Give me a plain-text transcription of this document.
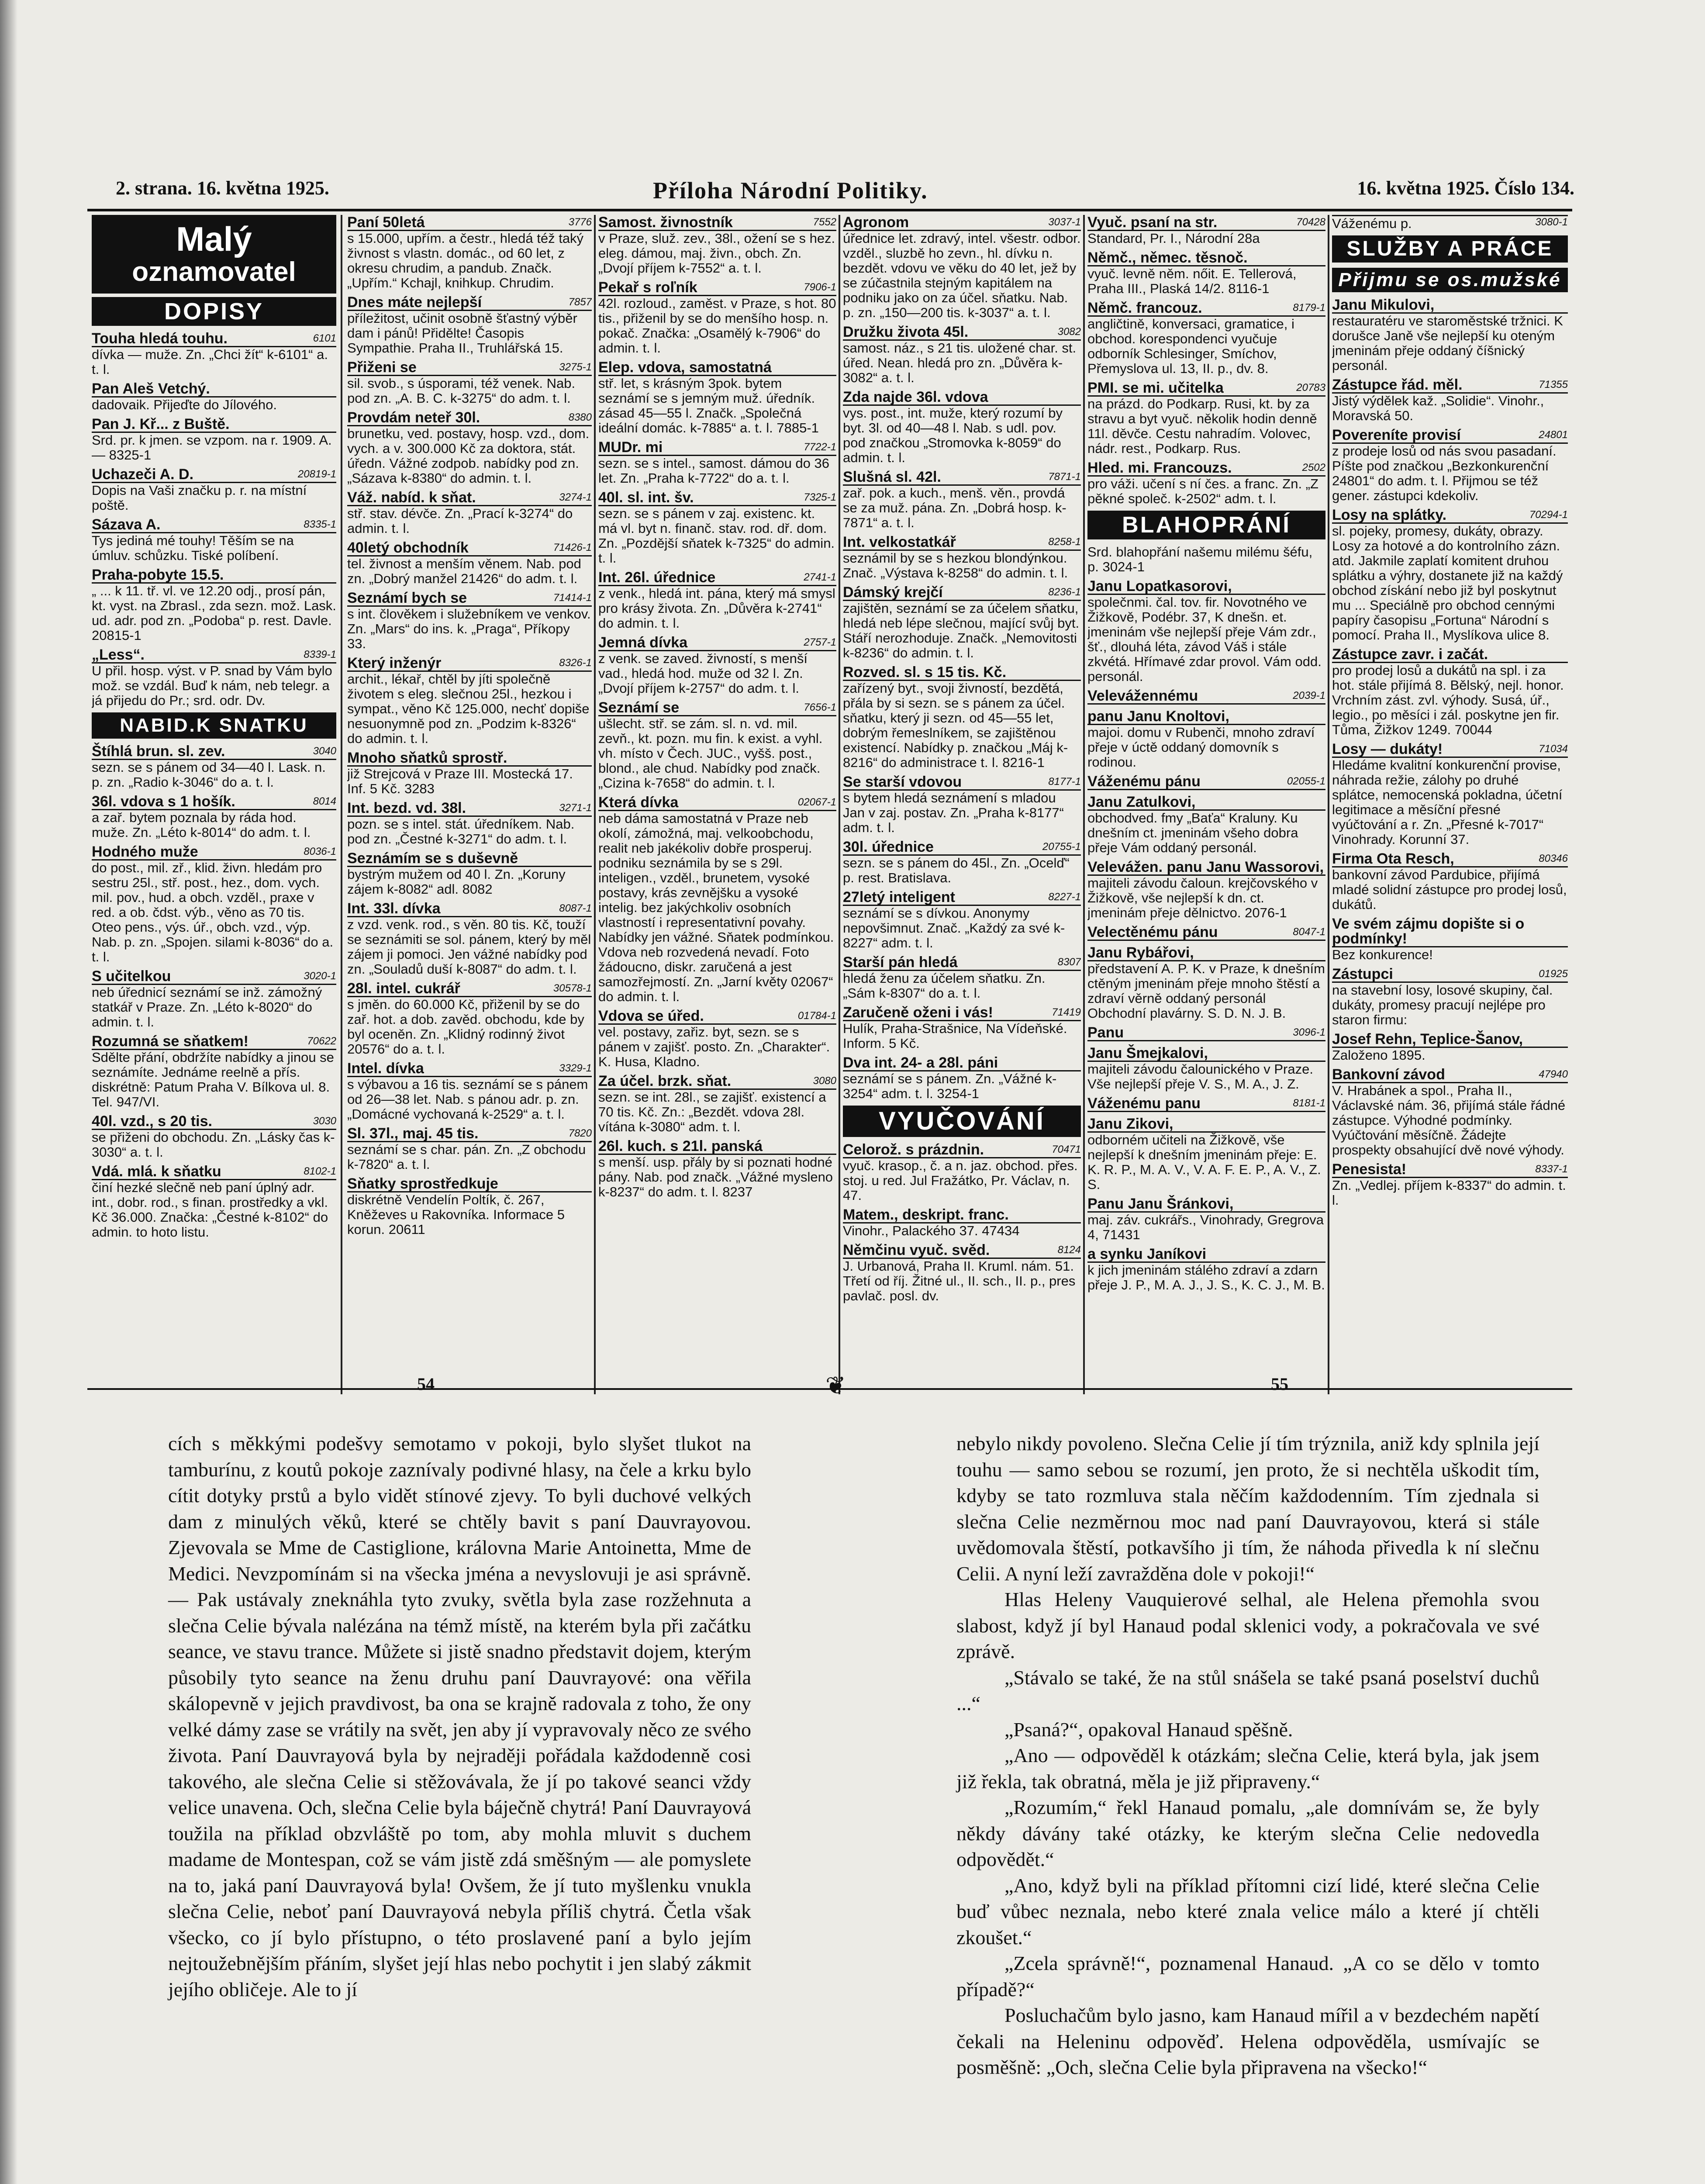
2. strana. 16. května 1925.	Příloha Národní Politiky.	16. května 1925. Číslo 134.
Malý
oznamovatel
DOPISY
6101
Touha hledá touhu.
dívka — muže. Zn. „Chci žít“ k-6101“ a. t. l.
Pan Aleš Vetchý.
dadovaik. Přijeďte do Jílového.
Pan J. Kř... z Buště.
Srd. pr. k jmen. se vzpom. na r. 1909. A.— 8325-1
20819-1
Uchazeči A. D.
Dopis na Vaši značku p. r. na místní poště.
8335-1
Sázava A.
Tys jediná mé touhy! Těším se na úmluv. schůzku. Tiské políbení.
Praha-pobyte 15.5.
„ ... k 11. tř. vl. ve 12.20 odj., prosí pán, kt. vyst. na Zbrasl., zda sezn. mož. Lask. ud. adr. pod zn. „Podoba“ p. rest. Davle. 20815-1
8339-1
„Less“.
U přil. hosp. výst. v P. snad by Vám bylo mož. se vzdál. Buď k nám, neb telegr. a já přijedu do Pr.; srd. odr. Dv.
NABID.K SNATKU
3040
Štíhlá brun. sl. zev.
sezn. se s pánem od 34—40 l. Lask. n. p. zn. „Radio k-3046“ do a. t. l.
8014
36l. vdova s 1 hošík.
a zař. bytem poznala by ráda hod. muže. Zn. „Léto k-8014“ do adm. t. l.
8036-1
Hodného muže
do post., mil. zř., klid. živn. hledám pro sestru 25l., stř. post., hez., dom. vych. mil. pov., hud. a obch. vzděl., praxe v red. a ob. čdst. výb., věno as 70 tis. Oteo pens., výs. úř., obch. vzd., výp. Nab. p. zn. „Spojen. silami k-8036“ do a. t. l.
3020-1
S učitelkou
neb úřednicí seznámí se inž. zámožný statkář v Praze. Zn. „Léto k-8020“ do admin. t. l.
70622
Rozumná se sňatkem!
Sdělte přání, obdržíte nabídky a jinou se seznámíte. Jednáme reelně a přís. diskrétně: Patum Praha V. Bílkova ul. 8. Tel. 947/VI.
3030
40l. vzd., s 20 tis.
se přiženi do obchodu. Zn. „Lásky čas k-3030“ a. t. l.
8102-1
Vdá. mlá. k sňatku
činí hezké slečně neb paní úplný adr. int., dobr. rod., s finan. prostředky a vkl. Kč 36.000. Značka: „Čestné k-8102“ do admin. to hoto listu.
3776
Paní 50letá
s 15.000, upřím. a čestr., hledá též taký živnost s vlastn. domác., od 60 let, z okresu chrudim, a pandub. Značk. „Upřím.“ Kchajl, knihkup. Chrudim.
7857
Dnes máte nejlepší
příležitost, učinit osobně šťastný výběr dam i pánů! Přidělte! Časopis Sympathie. Praha II., Truhlářská 15.
3275-1
Přiženi se
sil. svob., s úsporami, též venek. Nab. pod zn. „A. B. C. k-3275“ do adm. t. l.
8380
Provdám neteř 30l.
brunetku, ved. postavy, hosp. vzd., dom. vych. a v. 300.000 Kč za doktora, stát. úředn. Vážné zodpob. nabídky pod zn. „Sázava k-8380“ do admin. t. l.
3274-1
Váž. nabíd. k sňat.
stř. stav. dévče. Zn. „Prací k-3274“ do admin. t. l.
71426-1
40letý obchodník
tel. živnost a menším věnem. Nab. pod zn. „Dobrý manžel 21426“ do adm. t. l.
71414-1
Seznámí bych se
s int. člověkem i služebníkem ve venkov. Zn. „Mars“ do ins. k. „Praga“, Příkopy 33.
8326-1
Který inženýr
archit., lékař, chtěl by jíti společně životem s eleg. slečnou 25l., hezkou i sympat., věno Kč 125.000, nechť dopiše nesuonymně pod zn. „Podzim k-8326“ do admin. t. l.
Mnoho sňatků sprostř.
již Strejcová v Praze III. Mostecká 17. Inf. 5 Kč. 3283
3271-1
Int. bezd. vd. 38l.
pozn. se s intel. stát. úředníkem. Nab. pod zn. „Čestné k-3271“ do adm. t. l.
Seznámím se s duševně
bystrým mužem od 40 l. Zn. „Koruny zájem k-8082“ adl. 8082
8087-1
Int. 33l. dívka
z vzd. venk. rod., s věn. 80 tis. Kč, touží se seznámiti se sol. pánem, který by měl zájem ji pomoci. Jen vážné nabídky pod zn. „Souladů duší k-8087“ do adm. t. l.
30578-1
28l. intel. cukrář
s jměn. do 60.000 Kč, přiženil by se do zař. hot. a dob. zavěd. obchodu, kde by byl oceněn. Zn. „Klidný rodinný život 20576“ do a. t. l.
3329-1
Intel. dívka
s výbavou a 16 tis. seznámí se s pánem od 26—38 let. Nab. s pánou adr. p. zn. „Domácné vychovaná k-2529“ a. t. l.
7820
Sl. 37l., maj. 45 tis.
seznámí se s char. pán. Zn. „Z obchodu k-7820“ a. t. l.
Sňatky sprostředkuje
diskrétně Vendelín Poltík, č. 267, Kněževes u Rakovníka. Informace 5 korun. 20611
7552
Samost. živnostník
v Praze, služ. zev., 38l., ožení se s hez. eleg. dámou, maj. živn., obch. Zn. „Dvojí příjem k-7552“ a. t. l.
7906-1
Pekař s roľník
42l. rozloud., zaměst. v Praze, s hot. 80 tis., přiženil by se do menšího hosp. n. pokač. Značka: „Osamělý k-7906“ do admin. t. l.
Elep. vdova, samostatná
stř. let, s krásným 3pok. bytem seznámí se s jemným muž. úředník. zásad 45—55 l. Značk. „Společná ideální domác. k-7885“ a. t. l. 7885-1
7722-1
MUDr. mi
sezn. se s intel., samost. dámou do 36 let. Zn. „Praha k-7722“ do a. t. l.
7325-1
40l. sl. int. šv.
sezn. se s pánem v zaj. existenc. kt. má vl. byt n. finanč. stav. rod. dř. dom. Zn. „Pozdější sňatek k-7325“ do admin. t. l.
2741-1
Int. 26l. úřednice
z venk., hledá int. pána, který má smysl pro krásy života. Zn. „Důvěra k-2741“ do admin. t. l.
2757-1
Jemná dívka
z venk. se zaved. živností, s menší vad., hledá hod. muže od 32 l. Zn. „Dvojí příjem k-2757“ do adm. t. l.
7656-1
Seznámí se
ušlecht. stř. se zám. sl. n. vd. mil. zevň., kt. pozn. mu fin. k exist. a vyhl. vh. místo v Čech. JUC., vyšš. post., blond., ale chud. Nabídky pod značk. „Cizina k-7658“ do admin. t. l.
02067-1
Která dívka
neb dáma samostatná v Praze neb okolí, zámožná, maj. velkoobchodu, realit neb jakékoliv dobře prosperuj. podniku seznámila by se s 29l. inteligen., vzděl., brunetem, vysoké postavy, krás zevnějšku a vysoké intelig. bez jakýchkoliv osobních vlastností i representativní povahy. Nabídky jen vážné. Sňatek podmínkou. Vdova neb rozvedená nevadí. Foto žádoucno, diskr. zaručená a jest samozřejmostí. Zn. „Jarní květy 02067“ do admin. t. l.
01784-1
Vdova se úřed.
vel. postavy, zařiz. byt, sezn. se s pánem v zajišť. posto. Zn. „Charakter“. K. Husa, Kladno.
3080
Za účel. brzk. sňat.
sezn. se int. 28l., se zajišť. existencí a 70 tis. Kč. Zn.: „Bezdět. vdova 28l. vítána k-3080“ adm. t. l.
26l. kuch. s 21l. panská
s menší. usp. přály by si poznati hodné pány. Nab. pod značk. „Vážné mysleno k-8237“ do adm. t. l. 8237
3037-1
Agronom
úřednice let. zdravý, intel. všestr. odbor. vzděl., sluzbě ho zevn., hl. dívku n. bezdět. vdovu ve věku do 40 let, jež by se zúčastnila stejným kapitálem na podniku jako on za účel. sňatku. Nab. p. zn. „150—200 tis. k-3037“ a. t. l.
3082
Družku života 45l.
samost. náz., s 21 tis. uložené char. st. úřed. Nean. hledá pro zn. „Důvěra k-3082“ a. t. l.
Zda najde 36l. vdova
vys. post., int. muže, který rozumí by byt. 3l. od 40—48 l. Nab. s udl. pov. pod značkou „Stromovka k-8059“ do admin. t. l.
7871-1
Slušná sl. 42l.
zař. pok. a kuch., menš. věn., provdá se za muž. pána. Zn. „Dobrá hosp. k-7871“ a. t. l.
8258-1
Int. velkostatkář
seznámil by se s hezkou blondýnkou. Znač. „Výstava k-8258“ do admin. t. l.
8236-1
Dámský krejčí
zajištěn, seznámí se za účelem sňatku, hledá neb lépe slečnou, mající svůj byt. Stáří nerozhoduje. Značk. „Nemovitosti k-8236“ do admin. t. l.
Rozved. sl. s 15 tis. Kč.
zařízený byt., svoji živností, bezdětá, přála by si sezn. se s pánem za účel. sňatku, který ji sezn. od 45—55 let, dobrým řemeslníkem, se zajištěnou existencí. Nabídky p. značkou „Máj k-8216“ do administrace t. l. 8216-1
8177-1
Se starší vdovou
s bytem hledá seznámení s mladou Jan v zaj. postav. Zn. „Praha k-8177“ adm. t. l.
20755-1
30l. úřednice
sezn. se s pánem do 45l., Zn. „Ocelď“ p. rest. Bratislava.
8227-1
27letý inteligent
seznámí se s dívkou. Anonymy nepovšimnut. Znač. „Každý za své k-8227“ adm. t. l.
8307
Starší pán hledá
hledá ženu za účelem sňatku. Zn. „Sám k-8307“ do a. t. l.
71419
Zaručeně oženi i vás!
Hulík, Praha-Strašnice, Na Vídeňské. Inform. 5 Kč.
Dva int. 24- a 28l. páni
seznámí se s pánem. Zn. „Vážné k-3254“ adm. t. l. 3254-1
VYUČOVÁNÍ
70471
Celorož. s prázdnin.
vyuč. krasop., č. a n. jaz. obchod. přes. stoj. u red. Jul Fražátko, Pr. Václav, n. 47.
Matem., deskript. franc.
Vinohr., Palackého 37. 47434
8124
Němčinu vyuč. svěd.
J. Urbanová, Praha II. Kruml. nám. 51. Třetí od říj. Žitné ul., II. sch., II. p., pres pavlač. posl. dv.
70428
Vyuč. psaní na str.
Standard, Pr. I., Národní 28a
Němč., němec. těsnoč.
vyuč. levně něm. nőit. E. Tellerová, Praha III., Plaská 14/2. 8116-1
8179-1
Němč. francouz.
angličtině, konversaci, gramatice, i obchod. korespondenci vyučuje odborník Schlesinger, Smíchov, Přemyslova ul. 13, II. p., dv. 8.
20783
PMI. se mi. učitelka
na prázd. do Podkarp. Rusi, kt. by za stravu a byt vyuč. několik hodin denně 11l. děvče. Cestu nahradím. Volovec, nádr. rest., Podkarp. Rus.
2502
Hled. mi. Francouzs.
pro váži. učení s ní čes. a franc. Zn. „Z pěkné společ. k-2502“ adm. t. l.
BLAHOPRÁNÍ
Srd. blahopřání našemu milému šéfu, p. 3024-1
Janu Lopatkasorovi,
společnmi. čal. tov. fir. Novotného ve Žižkově, Podébr. 37, K dnešn. et. jmeninám vše nejlepší přeje Vám zdr., šť., dlouhá léta, závod Váš i stále zkvétá. Hřímavé zdar provol. Vám odd. personál.
2039-1
Velevážennému
panu Janu Knoltovi,
majoi. domu v Rubenči, mnoho zdraví přeje v úctě oddaný domovník s rodinou.
02055-1
Váženému pánu
Janu Zatulkovi,
obchodved. fmy „Baťa“ Kraluny. Ku dnešním ct. jmeninám všeho dobra přeje Vám oddaný personál.
Velevážen. panu Janu Wassorovi,
majiteli závodu čaloun. krejčovského v Žižkově, vše nejlepší k dn. ct. jmeninám přeje dělnictvo. 2076-1
8047-1
Velectěnému pánu
Janu Rybářovi,
představení A. P. K. v Praze, k dnešním ctěným jmeninám přeje mnoho štěstí a zdraví věrně oddaný personál Obchodní plavárny. S. D. N. J. B.
3096-1
Panu
Janu Šmejkalovi,
majiteli závodu čalounického v Praze. Vše nejlepší přeje V. S., M. A., J. Z.
8181-1
Váženému panu
Janu Zikovi,
odborném učiteli na Žižkově, vše nejlepší k dnešním jmeninám přeje: E. K. R. P., M. A. V., V. A. F. E. P., A. V., Z. S.
Panu Janu Šránkovi,
maj. záv. cukrářs., Vinohrady, Gregrova 4, 71431
a synku Janíkovi
k jich jmeninám stálého zdraví a zdarn přeje J. P., M. A. J., J. S., K. C. J., M. B.
3080-1
Váženému p.
SLUŽBY A PRÁCE
Přijmu se os.mužské
Janu Mikulovi,
restauratéru ve staroměstské tržnici. K dorušce Janě vše nejlepší ku oteným jmeninám přeje oddaný číšnický personál.
71355
Zástupce řád. měl.
Jistý výdělek kaž. „Solidie“. Vinohr., Moravská 50.
24801
Povereníte provisí
z prodeje losů od nás svou pasadaní. Píšte pod značkou „Bezkonkurenční 24801“ do adm. t. l. Přijmou se též gener. zástupci kdekoliv.
70294-1
Losy na splátky.
sl. pojeky, promesy, dukáty, obrazy. Losy za hotové a do kontrolního zázn. atd. Jakmile zaplatí komitent druhou splátku a výhry, dostanete již na každý obchod získání nebo již byl poskytnut mu ... Speciálně pro obchod cennými papíry časopisu „Fortuna“ Národní s pomocí. Praha II., Myslíkova ulice 8.
Zástupce zavr. i začát.
pro prodej losů a dukátů na spl. i za hot. stále přijímá 8. Bělský, nejl. honor. Vrchním zást. zvl. výhody. Susá, úř., legio., po měsíci i zál. poskytne jen fir. Tůma, Žižkov 1249. 70044
71034
Losy — dukáty!
Hledáme kvalitní konkurenční provise, náhrada režie, zálohy po druhé splátce, nemocenská pokladna, účetní legitimace a měsíční přesné vyúčtování a r. Zn. „Přesné k-7017“ Vinohrady. Korunní 37.
80346
Firma Ota Resch,
bankovní závod Pardubice, přijímá mladé solidní zástupce pro prodej losů, dukátů.
Ve svém zájmu dopište si o podmínky!
Bez konkurence!
01925
Zástupci
na stavební losy, losové skupiny, čal. dukáty, promesy pracují nejlépe pro staron firmu:
Josef Rehn, Teplice-Šanov,
Založeno 1895.
47940
Bankovní závod
V. Hrabánek a spol., Praha II., Václavské nám. 36, přijímá stále řádné zástupce. Výhodné podmínky. Vyúčtování měsíčně. Žádejte prospekty obsahující dvě nové výhody.
8337-1
Penesista!
Zn. „Vedlej. příjem k-8337“ do admin. t. l.
54	❦	55

cích s měkkými podešvy semotamo v pokoji, bylo slyšet tlukot na tamburínu, z koutů pokoje zaznívaly podivné hlasy, na čele a krku bylo cítit dotyky prstů a bylo vidět stínové zjevy. To byli duchové velkých dam z minulých věků, které se chtěly bavit s paní Dauvrayovou. Zjevovala se Mme de Castiglione, královna Marie Antoinetta, Mme de Medici. Nevzpomínám si na všecka jména a nevyslovuji je asi správně. — Pak ustávaly zneknáhla tyto zvuky, světla byla zase rozžehnuta a slečna Celie bývala nalézána na témž místě, na kterém byla při začátku seance, ve stavu trance. Můžete si jistě snadno představit dojem, kterým působily tyto seance na ženu druhu paní Dauvrayové: ona věřila skálopevně v jejich pravdivost, ba ona se krajně radovala z toho, že ony velké dámy zase se vrátily na svět, jen aby jí vypravovaly něco ze svého života. Paní Dauvrayová byla by nejraději pořádala každodenně cosi takového, ale slečna Celie si stěžovávala, že jí po takové seanci vždy velice unavena. Och, slečna Celie byla báječně chytrá! Paní Dauvrayová toužila na příklad obzvláště po tom, aby mohla mluvit s duchem madame de Montespan, což se vám jistě zdá směšným — ale pomyslete na to, jaká paní Dauvrayová byla! Ovšem, že jí tuto myšlenku vnukla slečna Celie, neboť paní Dauvrayová nebyla příliš chytrá. Četla však všecko, co jí bylo přístupno, o této proslavené paní a bylo jejím nejtoužebnějším přáním, slyšet její hlas nebo pochytit i jen slabý zákmit jejího obličeje. Ale to jí

nebylo nikdy povoleno. Slečna Celie jí tím trýznila, aniž kdy splnila její touhu — samo sebou se rozumí, jen proto, že si nechtěla uškodit tím, kdyby se tato rozmluva stala něčím každodenním. Tím zjednala si slečna Celie nezměrnou moc nad paní Dauvrayovou, která si stále uvědomovala štěstí, potkavšího ji tím, že náhoda přivedla k ní slečnu Celii. A nyní leží zavražděna dole v pokoji!“

Hlas Heleny Vauquierové selhal, ale Helena přemohla svou slabost, když jí byl Hanaud podal sklenici vody, a pokračovala ve své zprávě.

„Stávalo se také, že na stůl snášela se také psaná poselství duchů ...“

„Psaná?“, opakoval Hanaud spěšně.

„Ano — odpověděl k otázkám; slečna Celie, která byla, jak jsem již řekla, tak obratná, měla je již připraveny.“

„Rozumím,“ řekl Hanaud pomalu, „ale domnívám se, že byly někdy dávány také otázky, ke kterým slečna Celie nedovedla odpovědět.“

„Ano, když byli na příklad přítomni cizí lidé, které slečna Celie buď vůbec neznala, nebo které znala velice málo a které jí chtěli zkoušet.“

„Zcela správně!“, poznamenal Hanaud. „A co se dělo v tomto případě?“

Posluchačům bylo jasno, kam Hanaud mířil a v bezdechém napětí čekali na Heleninu odpověď. Helena odpověděla, usmívajíc se posměšně: „Och, slečna Celie byla připravena na všecko!“
